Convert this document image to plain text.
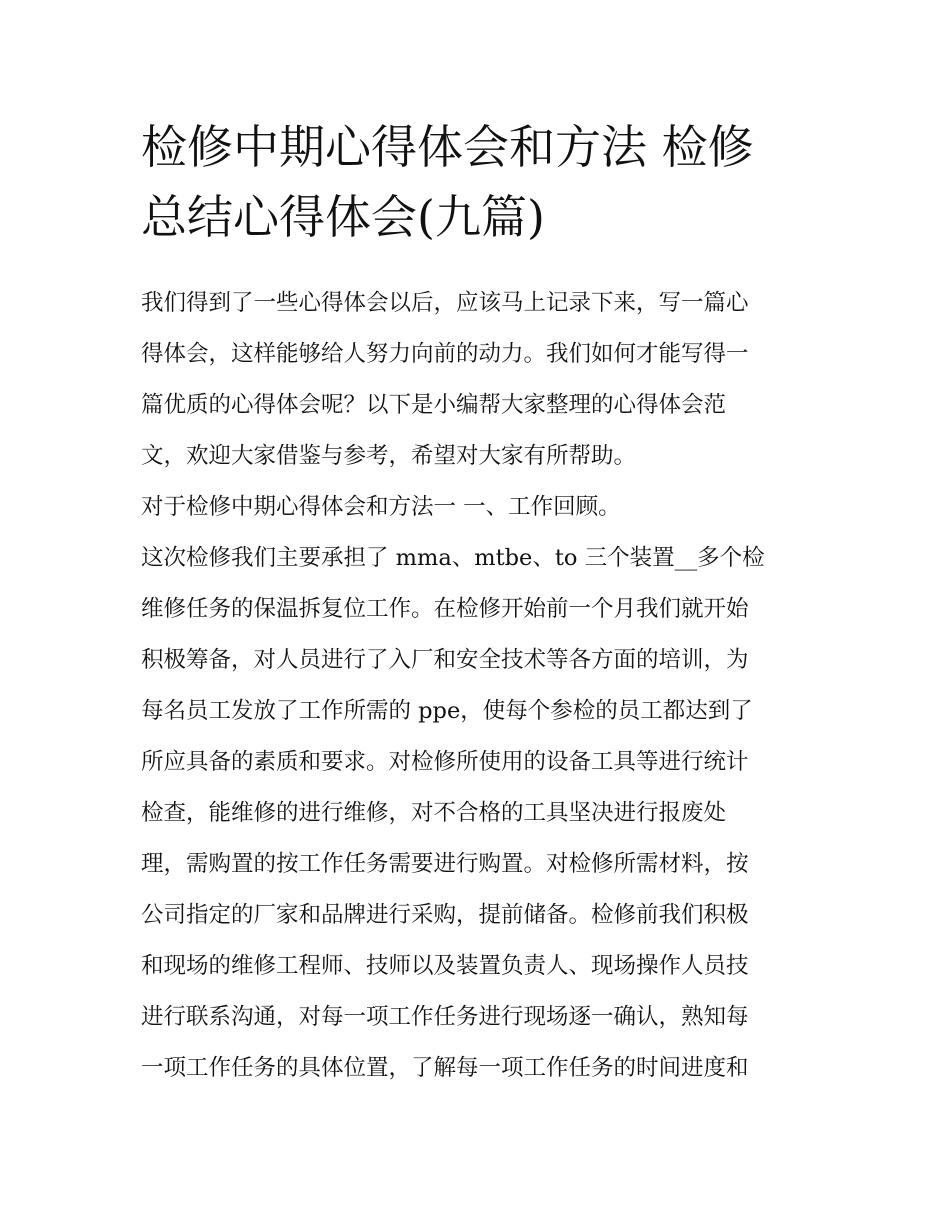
检修中期心得体会和方法 检修
总结心得体会(九篇)
我们得到了一些心得体会以后，应该马上记录下来，写一篇心
得体会，这样能够给人努力向前的动力。我们如何才能写得一
篇优质的心得体会呢？以下是小编帮大家整理的心得体会范
文，欢迎大家借鉴与参考，希望对大家有所帮助。
对于检修中期心得体会和方法一 一、工作回顾。
这次检修我们主要承担了 mma、mtbe、to 三个装置__多个检
维修任务的保温拆复位工作。在检修开始前一个月我们就开始
积极筹备，对人员进行了入厂和安全技术等各方面的培训，为
每名员工发放了工作所需的 ppe，使每个参检的员工都达到了
所应具备的素质和要求。对检修所使用的设备工具等进行统计
检查，能维修的进行维修，对不合格的工具坚决进行报废处
理，需购置的按工作任务需要进行购置。对检修所需材料，按
公司指定的厂家和品牌进行采购，提前储备。检修前我们积极
和现场的维修工程师、技师以及装置负责人、现场操作人员技
进行联系沟通，对每一项工作任务进行现场逐一确认，熟知每
一项工作任务的具体位置，了解每一项工作任务的时间进度和
